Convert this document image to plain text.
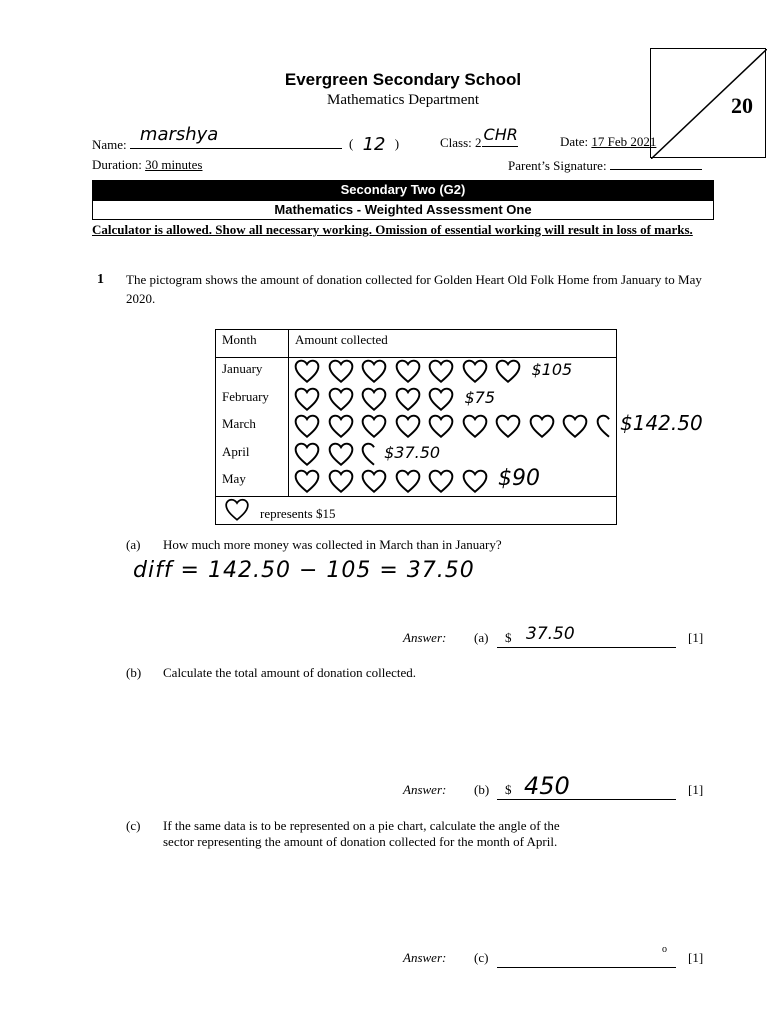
20
Evergreen Secondary School
Mathematics Department
Name: marshya	( 12 )	Class: 2 CHR	Date: 17 Feb 2021
Duration: 30 minutes	Parent’s Signature:
Secondary Two (G2)
Mathematics - Weighted Assessment One
Calculator is allowed. Show all necessary working. Omission of essential working will result in loss of marks.
1 The pictogram shows the amount of donation collected for Golden Heart Old Folk Home from January to May 2020.
Month	Amount collected
January	$105
February	$75
March	$142.50
April	$37.50
May	$90
represents $15
(a) How much more money was collected in March than in January?
diff = 142.50 − 105 = 37.50
Answer: (a) $ 37.50	[1]
(b) Calculate the total amount of donation collected.
Answer: (b) $ 450	[1]
(c) If the same data is to be represented on a pie chart, calculate the angle of the
sector representing the amount of donation collected for the month of April.
Answer: (c)
o
[1]
